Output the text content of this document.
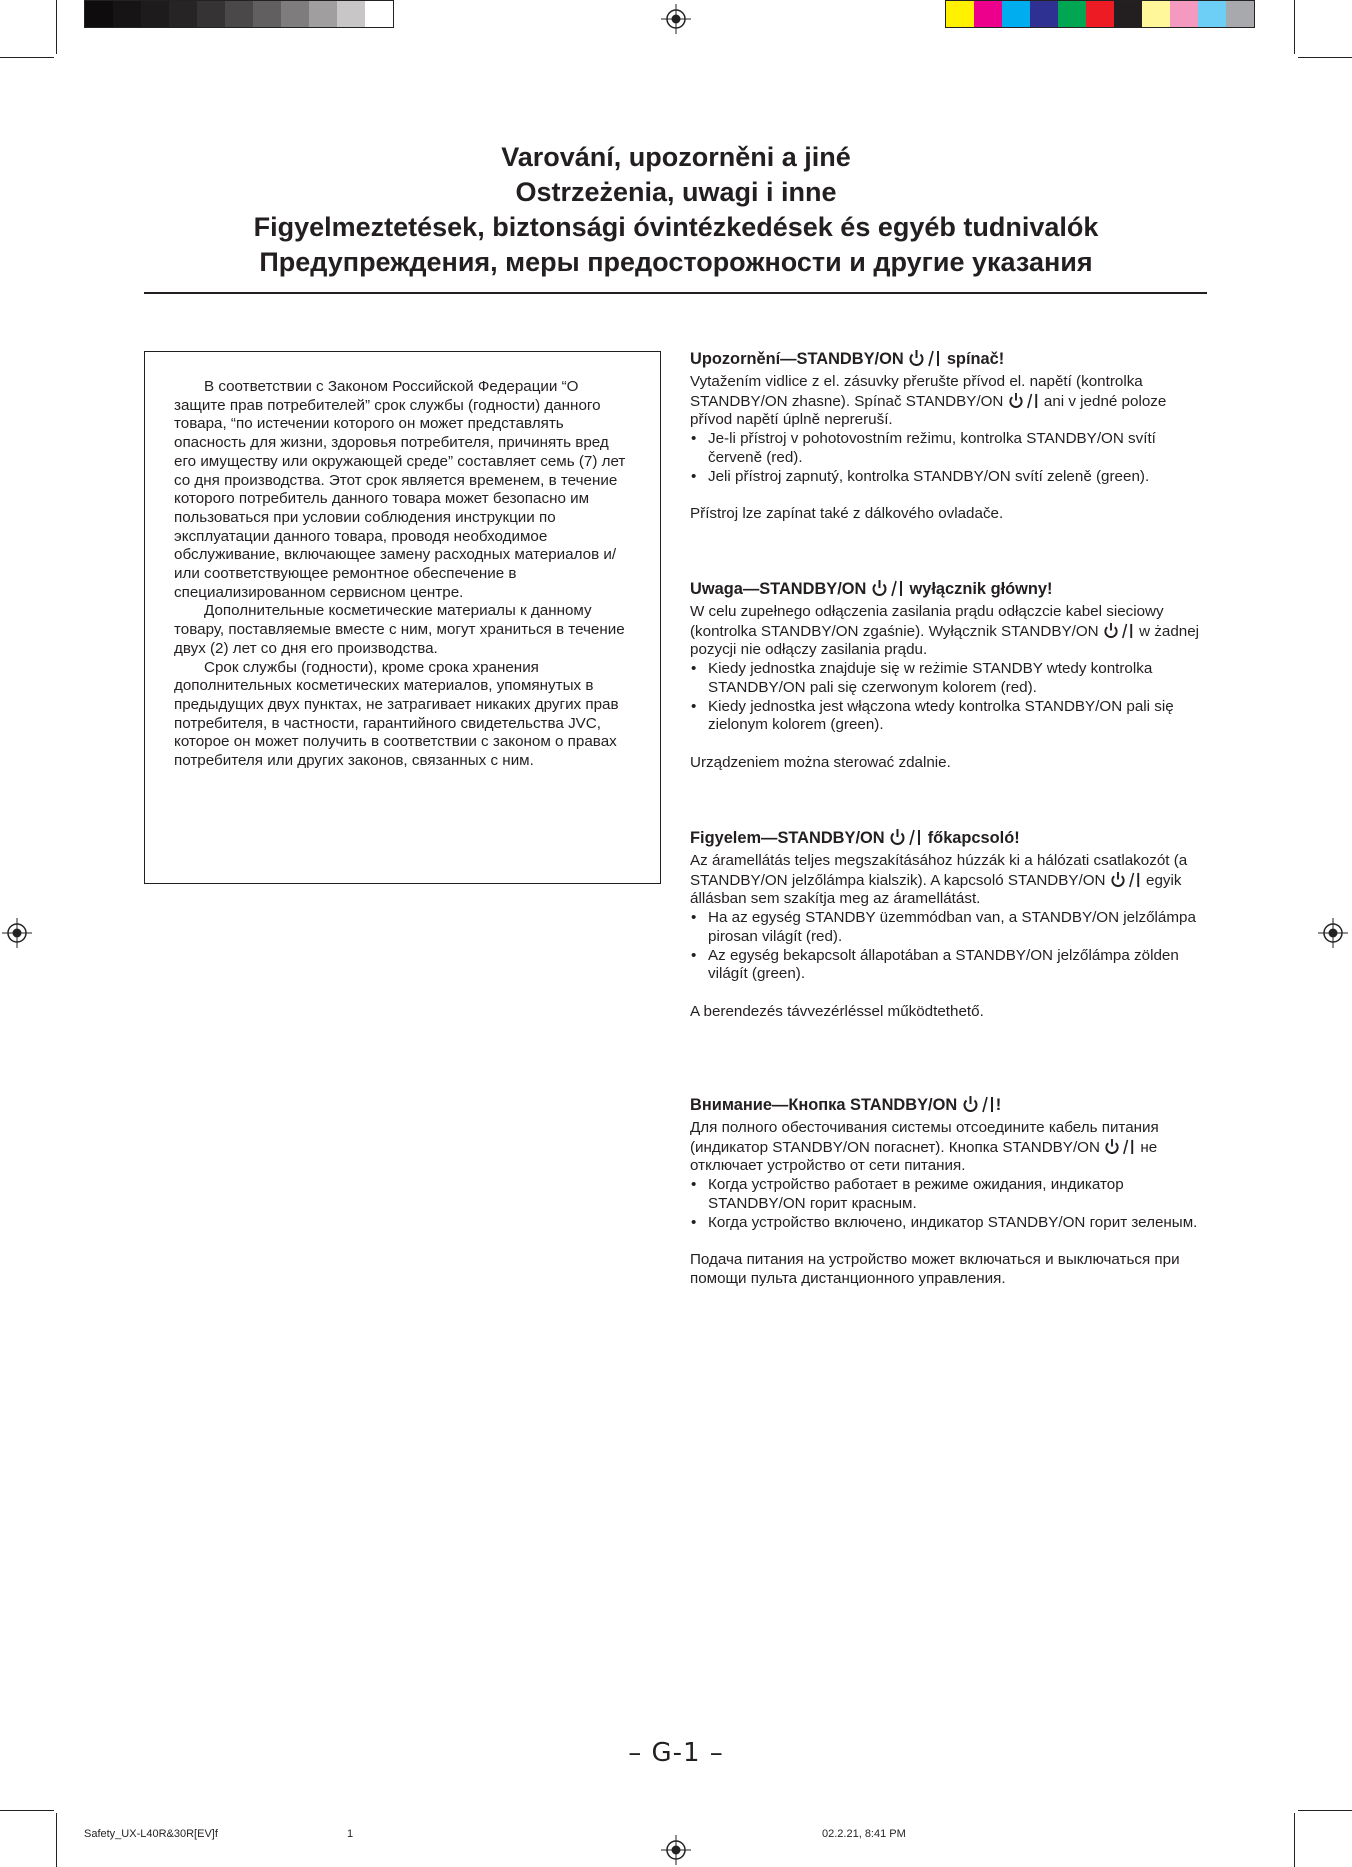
Varování, upozorněni a jiné
Ostrzeżenia, uwagi i inne
Figyelmeztetések, biztonsági óvintézkedések és egyéb tudnivalók
Предупреждения, меры предосторожности и другие указания

В соответствии с Законом Российской Федерации “О защите прав потребителей” срок службы (годности) данного товара, “по истечении которого он может представлять опасность для жизни, здоровья потребителя, причинять вред его имуществу или окружающей среде” составляет семь (7) лет со дня производства. Этот срок является временем, в течение которого потребитель данного товара может безопасно им пользоваться при условии соблюдения инструкции по эксплуатации данного товара, проводя необходимое обслуживание, включающее замену расходных материалов и/или соответствующее ремонтное обеспечение в специализированном сервисном центре.

Дополнительные косметические материалы к данному товару, поставляемые вместе с ним, могут храниться в течение двух (2) лет со дня его производства.

Срок службы (годности), кроме срока хранения дополнительных косметических материалов, упомянутых в предыдущих двух пунктах, не затрагивает никаких других прав потребителя, в частности, гарантийного свидетельства JVC, которое он может получить в соответствии с законом о правах потребителя или других законов, связанных с ним.

Upozornění—STANDBY/ON	spínač!

Vytažením vidlice z el. zásuvky přerušte přívod el. napětí (kontrolka STANDBY/ON zhasne). Spínač STANDBY/ON	ani v jedné poloze přívod napětí úplně nepreruší.

• Je-li přístroj v pohotovostním režimu, kontrolka STANDBY/ON svítí červeně (red).
• Jeli přístroj zapnutý, kontrolka STANDBY/ON svítí zeleně (green).

Přístroj lze zapínat také z dálkového ovladače.

Uwaga—STANDBY/ON	wyłącznik główny!

W celu zupełnego odłączenia zasilania prądu odłączcie kabel sieciowy (kontrolka STANDBY/ON zgaśnie). Wyłącznik STANDBY/ON	w żadnej pozycji nie odłączy zasilania prądu.

• Kiedy jednostka znajduje się w reżimie STANDBY wtedy kontrolka STANDBY/ON pali się czerwonym kolorem (red).
• Kiedy jednostka jest włączona wtedy kontrolka STANDBY/ON pali się zielonym kolorem (green).

Urządzeniem można sterować zdalnie.

Figyelem—STANDBY/ON	főkapcsoló!

Az áramellátás teljes megszakításához húzzák ki a hálózati csatlakozót (a STANDBY/ON jelzőlámpa kialszik). A kapcsoló STANDBY/ON	egyik állásban sem szakítja meg az áramellátást.

• Ha az egység STANDBY üzemmódban van, a STANDBY/ON jelzőlámpa pirosan világít (red).
• Az egység bekapcsolt állapotában a STANDBY/ON jelzőlámpa zölden világít (green).

A berendezés távvezérléssel működtethető.

Внимание—Кнопка STANDBY/ON !

Для полного обесточивания системы отсоедините кабель питания (индикатор STANDBY/ON погаснет). Кнопка STANDBY/ON	не отключает устройство от сети питания.

• Когда устройство работает в режиме ожидания, индикатор STANDBY/ON горит красным.
• Когда устройство включено, индикатор STANDBY/ON горит зеленым.

Подача питания на устройство может включаться и выключаться при помощи пульта дистанционного управления.

– G-1 –
Safety_UX-L40R&30R[EV]f	1	02.2.21, 8:41 PM
